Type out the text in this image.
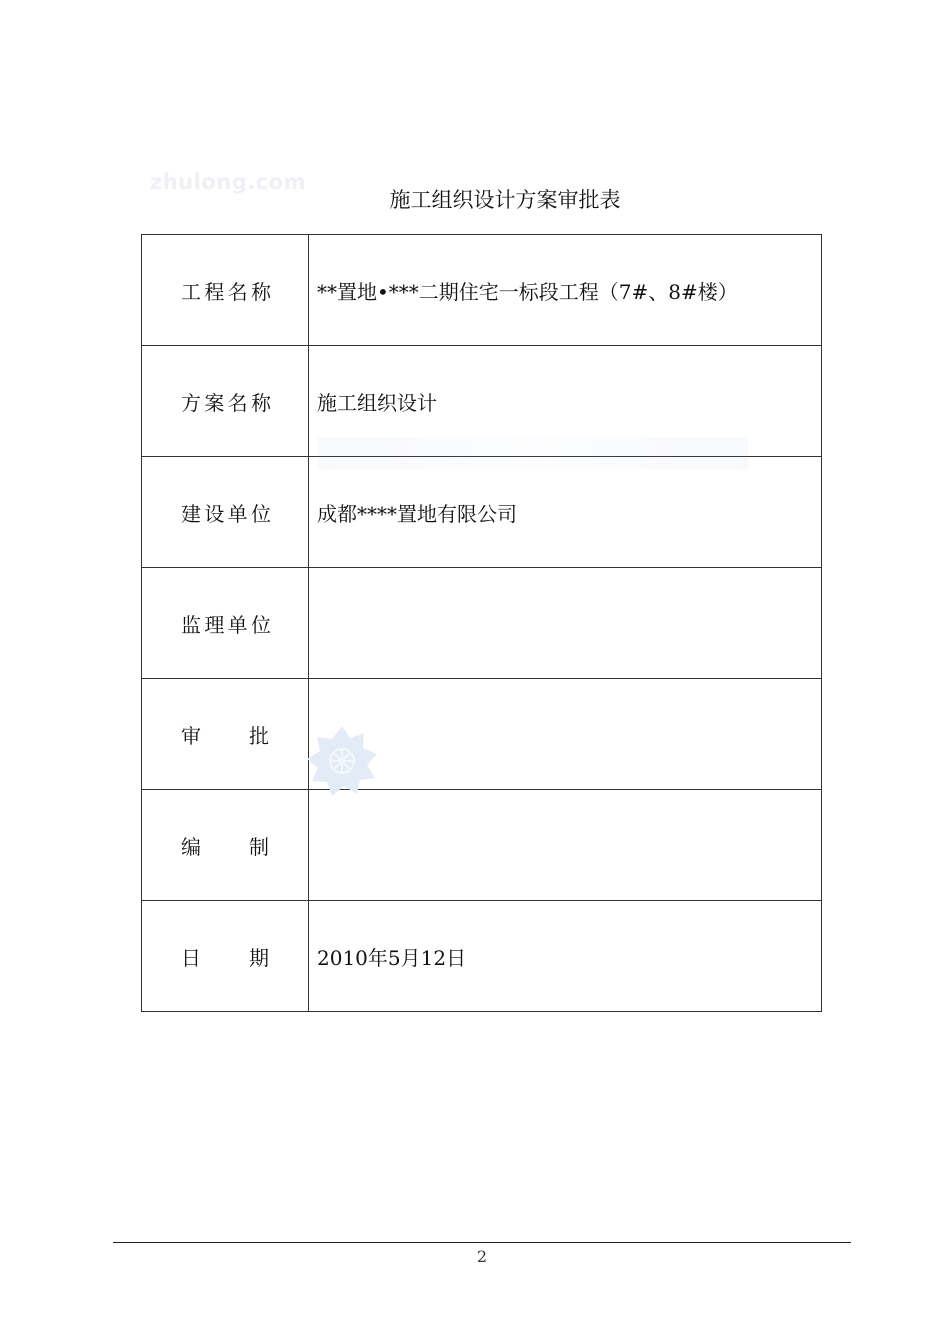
zhulong.com
施工组织设计方案审批表
工 程 名 称	**置地•***二期住宅一标段工程（7#、8#楼）

方 案 名 称	施工组织设计

建 设 单 位	成都****置地有限公司

监 理 单 位	

审 批	

编 制	

日 期	2010年5月12日
2
